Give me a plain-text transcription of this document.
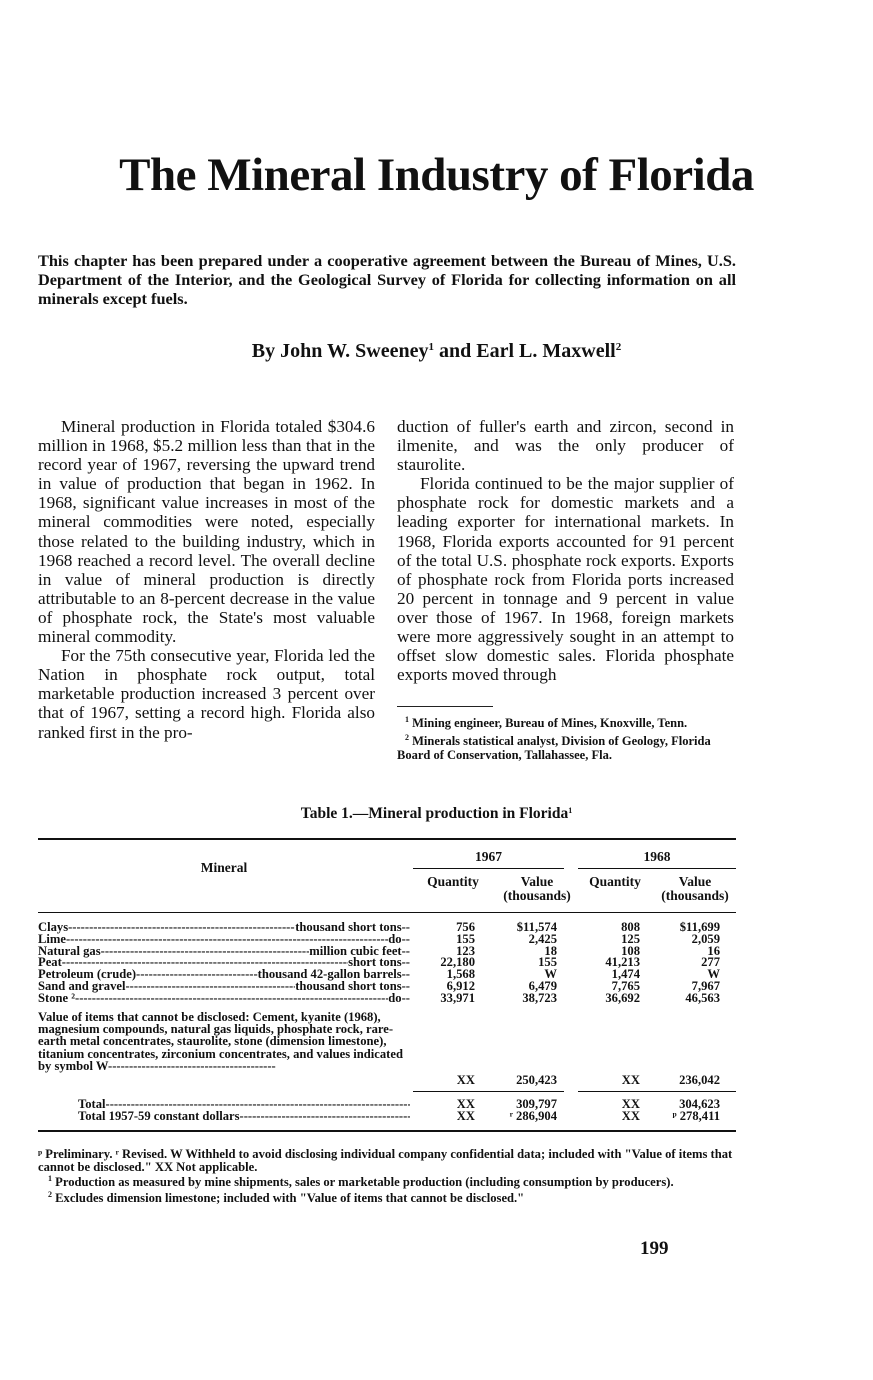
The Mineral Industry of Florida
This chapter has been prepared under a cooperative agreement between the Bureau of Mines, U.S. Department of the Interior, and the Geological Survey of Florida for collecting information on all minerals except fuels.
By John W. Sweeney$^1$ and Earl L. Maxwell$^2$

Mineral production in Florida totaled $304.6 million in 1968, $5.2 million less than that in the record year of 1967, reversing the upward trend in value of production that began in 1962. In 1968, significant value increases in most of the mineral commodities were noted, especially those related to the building industry, which in 1968 reached a record level. The overall decline in value of mineral production is directly attributable to an 8-percent decrease in the value of phosphate rock, the State's most valuable mineral commodity.

For the 75th consecutive year, Florida led the Nation in phosphate rock output, total marketable production increased 3 percent over that of 1967, setting a record high. Florida also ranked first in the pro-

duction of fuller's earth and zircon, second in ilmenite, and was the only producer of staurolite.

Florida continued to be the major supplier of phosphate rock for domestic markets and a leading exporter for international markets. In 1968, Florida exports accounted for 91 percent of the total U.S. phosphate rock exports. Exports of phosphate rock from Florida ports increased 20 percent in tonnage and 9 percent in value over those of 1967. In 1968, foreign markets were more aggressively sought in an attempt to offset slow domestic sales. Florida phosphate exports moved through

$^1$ Mining engineer, Bureau of Mines, Knoxville, Tenn.

$^2$ Minerals statistical analyst, Division of Geology, Florida Board of Conservation, Tallahassee, Fla.

Table 1.—Mineral production in Florida$^1$
Mineral
1967	1968
Quantity	Value
(thousands)
Quantity	Value
(thousands)
Clays -----	thousand short tons --	756	$11,574	808	$11,699
Lime -----	do --	155	2,425	125	2,059
Natural gas -----	million cubic feet --	123	18	108	16
Peat -----	short tons --	22,180	155	41,213	277
Petroleum (crude) -----	thousand 42-gallon barrels --	1,568	W	1,474	W
Sand and gravel -----	thousand short tons --	6,912	6,479	7,765	7,967
Stone ² -----	do --	33,971	38,723	36,692	46,563
Value of items that cannot be disclosed: Cement, kyanite (1968), magnesium compounds, natural gas liquids, phosphate rock, rare-earth metal concentrates, staurolite, stone (dimension limestone), titanium concentrates, zirconium concentrates, and values indicated by symbol W----------------------------------------
XX	250,423	XX	236,042
Total -----	XX	309,797	XX	304,623
Total 1957-59 constant dollars -----	XX	ʳ 286,904	XX	ᵖ 278,411

ᵖ Preliminary. ʳ Revised. W Withheld to avoid disclosing individual company confidential data; included with "Value of items that cannot be disclosed." XX Not applicable.

$^1$ Production as measured by mine shipments, sales or marketable production (including consumption by producers).

$^2$ Excludes dimension limestone; included with "Value of items that cannot be disclosed."

199
